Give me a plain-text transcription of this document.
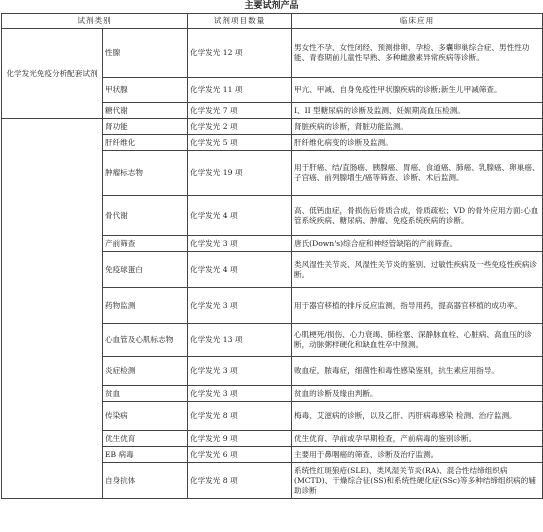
主要试剂产品
试剂类别		试剂项目数量	临床应用
化学发光免疫分析配套试剂	性腺	化学发光 12 项	男女性不孕、女性闭经、预测排卵、孕检、多囊卵巢综合症、男性性功能、青春期前儿童性早熟、多种雌激素异常疾病等诊断。
	甲状腺	化学发光 11 项	甲亢、甲减、自身免疫性甲状腺疾病的诊断;新生儿甲减筛查。
	糖代谢	化学发光 7 项	I、II 型糖尿病的诊断及监测、妊娠期高血压检测。
	肾功能	化学发光 2 项	肾脏疾病的诊断，肾脏功能监测。
	肝纤维化	化学发光 5 项	肝纤维化病变的诊断及监测。
	肿瘤标志物	化学发光 19 项	用于肝癌、结/直肠癌、胰腺癌、胃癌、食道癌、肺癌、乳腺癌、卵巢癌、子宫癌、前列腺增生/癌等筛查、诊断、术后监测。
	骨代谢	化学发光 4 项	高、低钙血症，骨损伤后骨质合成，骨质疏松；VD 的骨外应用方面:心血管系统疾病、糖尿病、肿瘤、免疫系统疾病的诊断。
	产前筛查	化学发光 3 项	唐氏(Down's)综合症和神经管缺陷的产前筛查。
	免疫球蛋白	化学发光 4 项	类风湿性关节炎、风湿性关节炎的鉴别、过敏性疾病及一些免疫性疾病诊断。
	药物监测	化学发光 3 项	用于器官移植的排斥反应监测，指导用药，提高器官移植的成功率。
	心血管及心肌标志物	化学发光 13 项	心肌梗死/损伤、心力衰竭、肺栓塞、深静脉血栓、心脏病、高血压的诊断，动脉粥样硬化和缺血性卒中预测。
	炎症检测	化学发光 3 项	败血症，脓毒症，细菌性和毒性感染鉴别，抗生素应用指导。
	贫血	化学发光 3 项	贫血的诊断及缘由判断。
	传染病	化学发光 8 项	梅毒、艾滋病的诊断，以及乙肝、丙肝病毒感染 检测、治疗监测。
	优生优育	化学发光 9 项	优生优育、孕前或孕早期检查，产前病毒的鉴别诊断。
	EB 病毒	化学发光 6 项	主要用于鼻咽癌的筛查、诊断及治疗监测。
	自身抗体	化学发光 8 项	系统性红斑狼疮(SLE)、类风湿关节炎(RA)、混合性结缔组织病(MCTD)、干燥综合征(SS)和系统性硬化症(SSc)等多种结缔组织病的辅助诊断
